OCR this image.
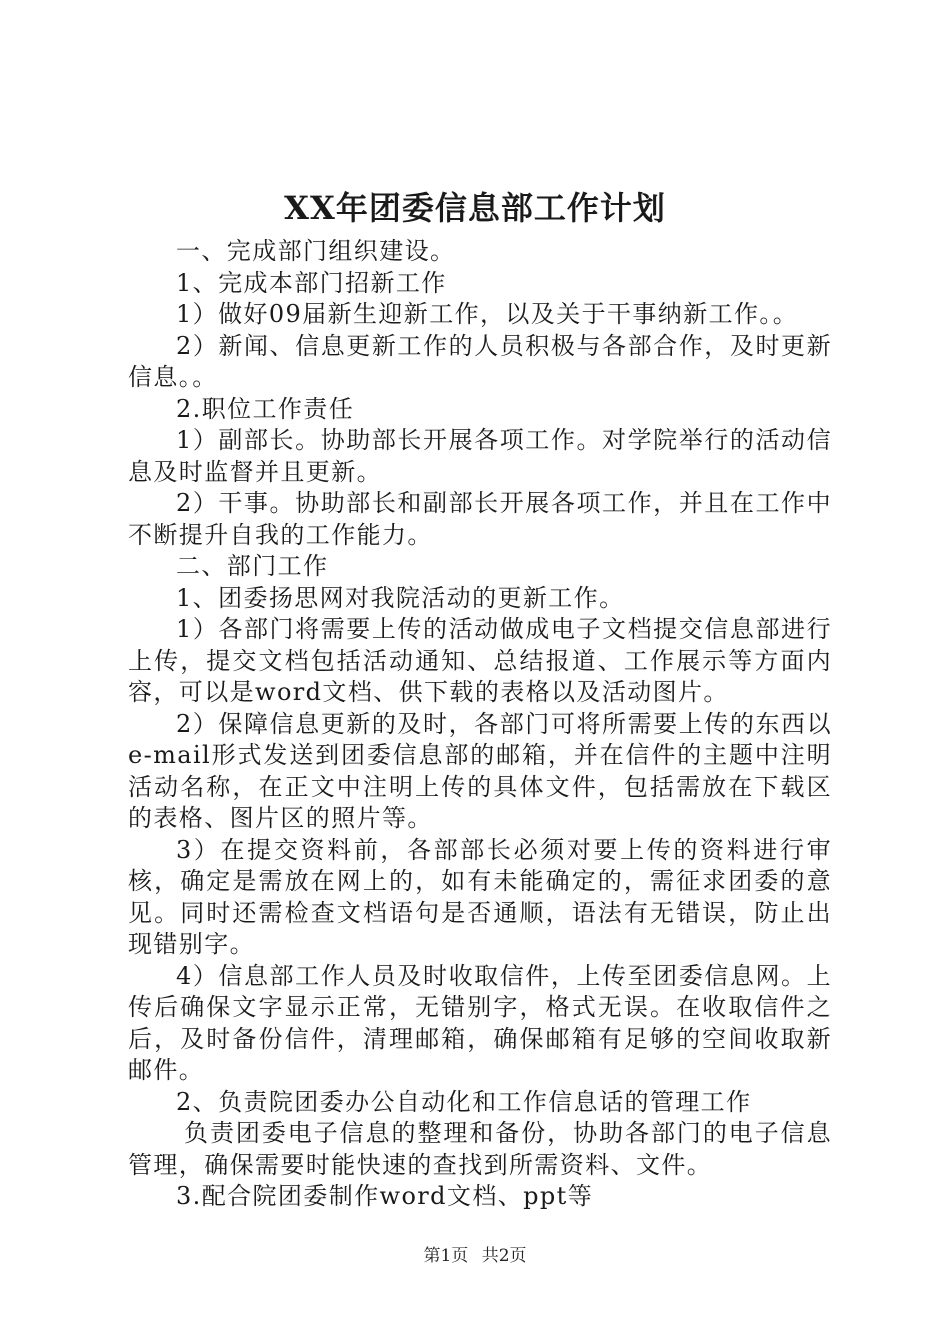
XX年团委信息部工作计划

一、完成部门组织建设。

1、完成本部门招新工作

1）做好09届新生迎新工作，以及关于干事纳新工作。。

2）新闻、信息更新工作的人员积极与各部合作，及时更新信息。。

2.职位工作责任

1）副部长。协助部长开展各项工作。对学院举行的活动信息及时监督并且更新。

2）干事。协助部长和副部长开展各项工作，并且在工作中不断提升自我的工作能力。

二、部门工作

1、团委扬思网对我院活动的更新工作。

1）各部门将需要上传的活动做成电子文档提交信息部进行上传，提交文档包括活动通知、总结报道、工作展示等方面内容，可以是word文档、供下载的表格以及活动图片。

2）保障信息更新的及时，各部门可将所需要上传的东西以e-mail形式发送到团委信息部的邮箱，并在信件的主题中注明活动名称，在正文中注明上传的具体文件，包括需放在下载区的表格、图片区的照片等。

3）在提交资料前，各部部长必须对要上传的资料进行审核，确定是需放在网上的，如有未能确定的，需征求团委的意见。同时还需检查文档语句是否通顺，语法有无错误，防止出现错别字。

4）信息部工作人员及时收取信件，上传至团委信息网。上传后确保文字显示正常，无错别字，格式无误。在收取信件之后，及时备份信件，清理邮箱，确保邮箱有足够的空间收取新邮件。

2、负责院团委办公自动化和工作信息话的管理工作

负责团委电子信息的整理和备份，协助各部门的电子信息管理，确保需要时能快速的查找到所需资料、文件。

3.配合院团委制作word文档、ppt等

第1页 共2页
